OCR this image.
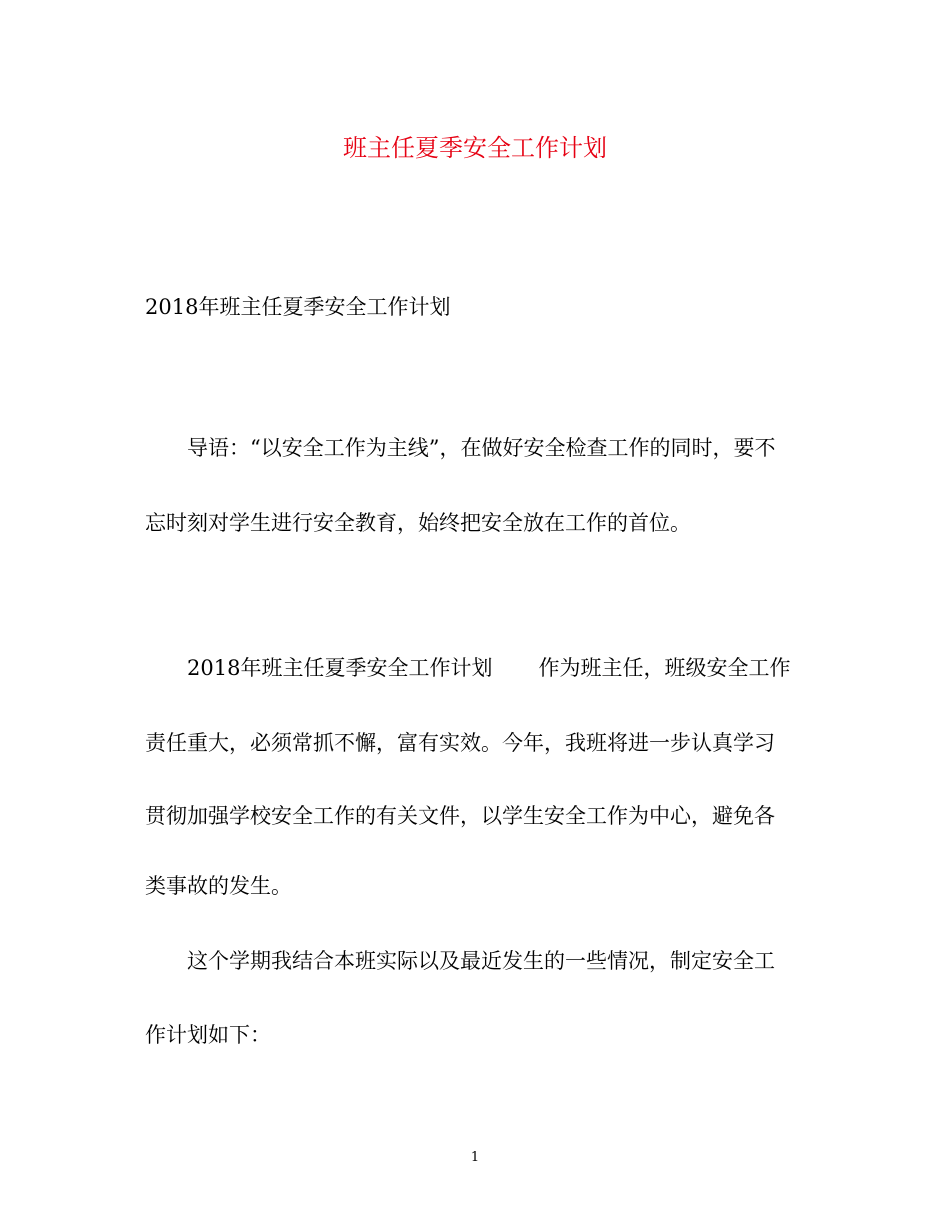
班主任夏季安全工作计划

2018年班主任夏季安全工作计划

导语：“以安全工作为主线”，在做好安全检查工作的同时，要不

忘时刻对学生进行安全教育，始终把安全放在工作的首位。

2018年班主任夏季安全工作计划 作为班主任，班级安全工作

责任重大，必须常抓不懈，富有实效。今年，我班将进一步认真学习

贯彻加强学校安全工作的有关文件，以学生安全工作为中心，避免各

类事故的发生。

这个学期我结合本班实际以及最近发生的一些情况，制定安全工

作计划如下：

1
